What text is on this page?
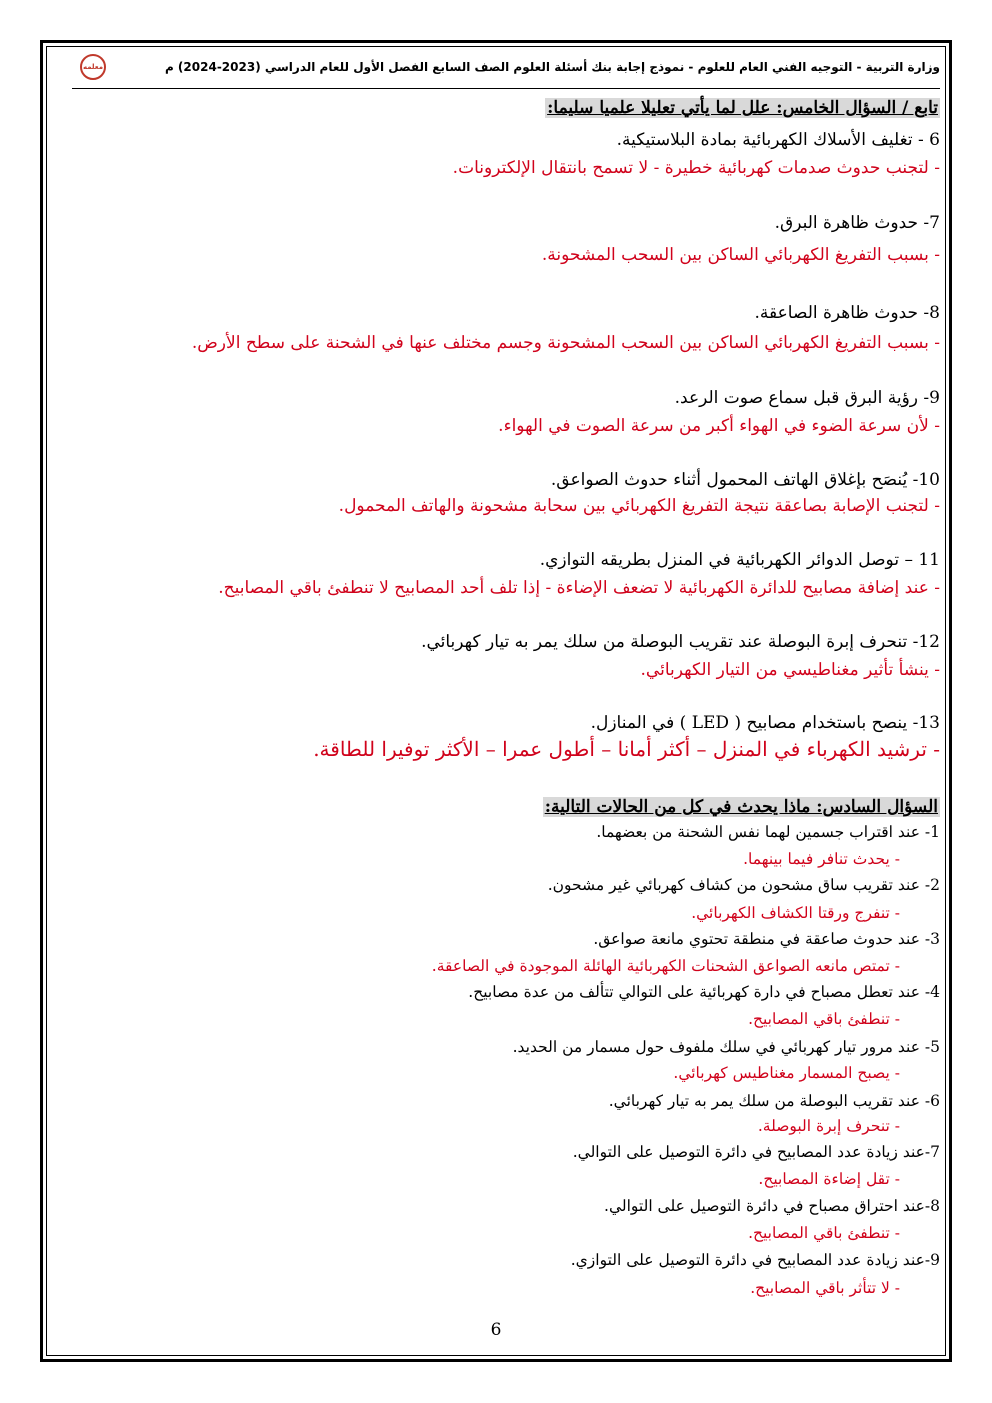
معلمه	وزارة التربية - التوجيه الفني العام للعلوم - نموذج إجابة بنك أسئلة العلوم الصف السابع الفصل الأول للعام الدراسي (2023-2024) م
تابع / السؤال الخامس: علل لما يأتي تعليلا علميا سليما:
6 - تغليف الأسلاك الكهربائية بمادة البلاستيكية.
- لتجنب حدوث صدمات كهربائية خطيرة - لا تسمح بانتقال الإلكترونات.
7- حدوث ظاهرة البرق.
- بسبب التفريغ الكهربائي الساكن بين السحب المشحونة.
8- حدوث ظاهرة الصاعقة.
- بسبب التفريغ الكهربائي الساكن بين السحب المشحونة وجسم مختلف عنها في الشحنة على سطح الأرض.
9- رؤية البرق قبل سماع صوت الرعد.
- لأن سرعة الضوء في الهواء أكبر من سرعة الصوت في الهواء.
10- يُنصَح بإغلاق الهاتف المحمول أثناء حدوث الصواعق.
- لتجنب الإصابة بصاعقة نتيجة التفريغ الكهربائي بين سحابة مشحونة والهاتف المحمول.
11 – توصل الدوائر الكهربائية في المنزل بطريقه التوازي.
- عند إضافة مصابيح للدائرة الكهربائية لا تضعف الإضاءة - إذا تلف أحد المصابيح لا تنطفئ باقي المصابيح.
12- تنحرف إبرة البوصلة عند تقريب البوصلة من سلك يمر به تيار كهربائي.
- ينشأ تأثير مغناطيسي من التيار الكهربائي.
13- ينصح باستخدام مصابيح ( LED ) في المنازل.
- ترشيد الكهرباء في المنزل – أكثر أمانا – أطول عمرا – الأكثر توفيرا للطاقة.
السؤال السادس: ماذا يحدث في كل من الحالات التالية:
1- عند اقتراب جسمين لهما نفس الشحنة من بعضهما.
- يحدث تنافر فيما بينهما.
2- عند تقريب ساق مشحون من كشاف كهربائي غير مشحون.
- تنفرج ورقتا الكشاف الكهربائي.
3- عند حدوث صاعقة في منطقة تحتوي مانعة صواعق.
- تمتص مانعه الصواعق الشحنات الكهربائية الهائلة الموجودة في الصاعقة.
4- عند تعطل مصباح في دارة كهربائية على التوالي تتألف من عدة مصابيح.
- تنطفئ باقي المصابيح.
5- عند مرور تيار كهربائي في سلك ملفوف حول مسمار من الحديد.
- يصبح المسمار مغناطيس كهربائي.
6- عند تقريب البوصلة من سلك يمر به تيار كهربائي.
- تنحرف إبرة البوصلة.
7-عند زيادة عدد المصابيح في دائرة التوصيل على التوالي.
- تقل إضاءة المصابيح.
8-عند احتراق مصباح في دائرة التوصيل على التوالي.
- تنطفئ باقي المصابيح.
9-عند زيادة عدد المصابيح في دائرة التوصيل على التوازي.
- لا تتأثر باقي المصابيح.
6
